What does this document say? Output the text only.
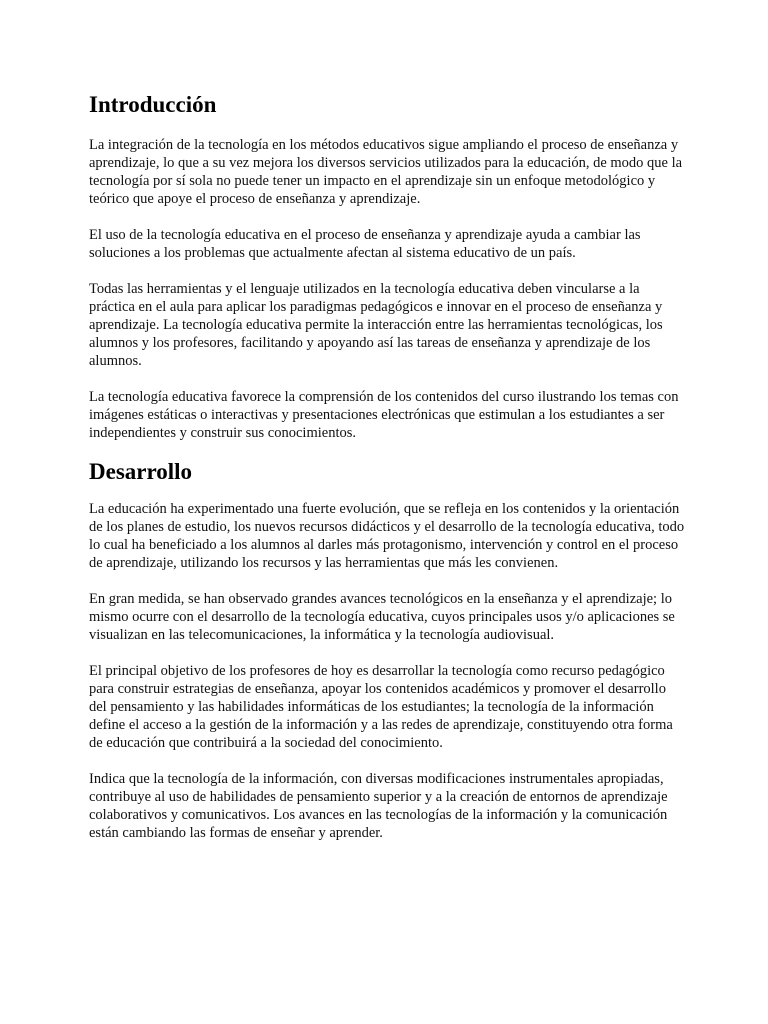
Introducción

La integración de la tecnología en los métodos educativos sigue ampliando el proceso de enseñanza y aprendizaje, lo que a su vez mejora los diversos servicios utilizados para la educación, de modo que la tecnología por sí sola no puede tener un impacto en el aprendizaje sin un enfoque metodológico y teórico que apoye el proceso de enseñanza y aprendizaje.

El uso de la tecnología educativa en el proceso de enseñanza y aprendizaje ayuda a cambiar las soluciones a los problemas que actualmente afectan al sistema educativo de un país.

Todas las herramientas y el lenguaje utilizados en la tecnología educativa deben vincularse a la práctica en el aula para aplicar los paradigmas pedagógicos e innovar en el proceso de enseñanza y aprendizaje. La tecnología educativa permite la interacción entre las herramientas tecnológicas, los alumnos y los profesores, facilitando y apoyando así las tareas de enseñanza y aprendizaje de los alumnos.

La tecnología educativa favorece la comprensión de los contenidos del curso ilustrando los temas con imágenes estáticas o interactivas y presentaciones electrónicas que estimulan a los estudiantes a ser independientes y construir sus conocimientos.

Desarrollo

La educación ha experimentado una fuerte evolución, que se refleja en los contenidos y la orientación de los planes de estudio, los nuevos recursos didácticos y el desarrollo de la tecnología educativa, todo lo cual ha beneficiado a los alumnos al darles más protagonismo, intervención y control en el proceso de aprendizaje, utilizando los recursos y las herramientas que más les convienen.

En gran medida, se han observado grandes avances tecnológicos en la enseñanza y el aprendizaje; lo mismo ocurre con el desarrollo de la tecnología educativa, cuyos principales usos y/o aplicaciones se visualizan en las telecomunicaciones, la informática y la tecnología audiovisual.

El principal objetivo de los profesores de hoy es desarrollar la tecnología como recurso pedagógico para construir estrategias de enseñanza, apoyar los contenidos académicos y promover el desarrollo del pensamiento y las habilidades informáticas de los estudiantes; la tecnología de la información define el acceso a la gestión de la información y a las redes de aprendizaje, constituyendo otra forma de educación que contribuirá a la sociedad del conocimiento.

Indica que la tecnología de la información, con diversas modificaciones instrumentales apropiadas, contribuye al uso de habilidades de pensamiento superior y a la creación de entornos de aprendizaje colaborativos y comunicativos. Los avances en las tecnologías de la información y la comunicación están cambiando las formas de enseñar y aprender.
